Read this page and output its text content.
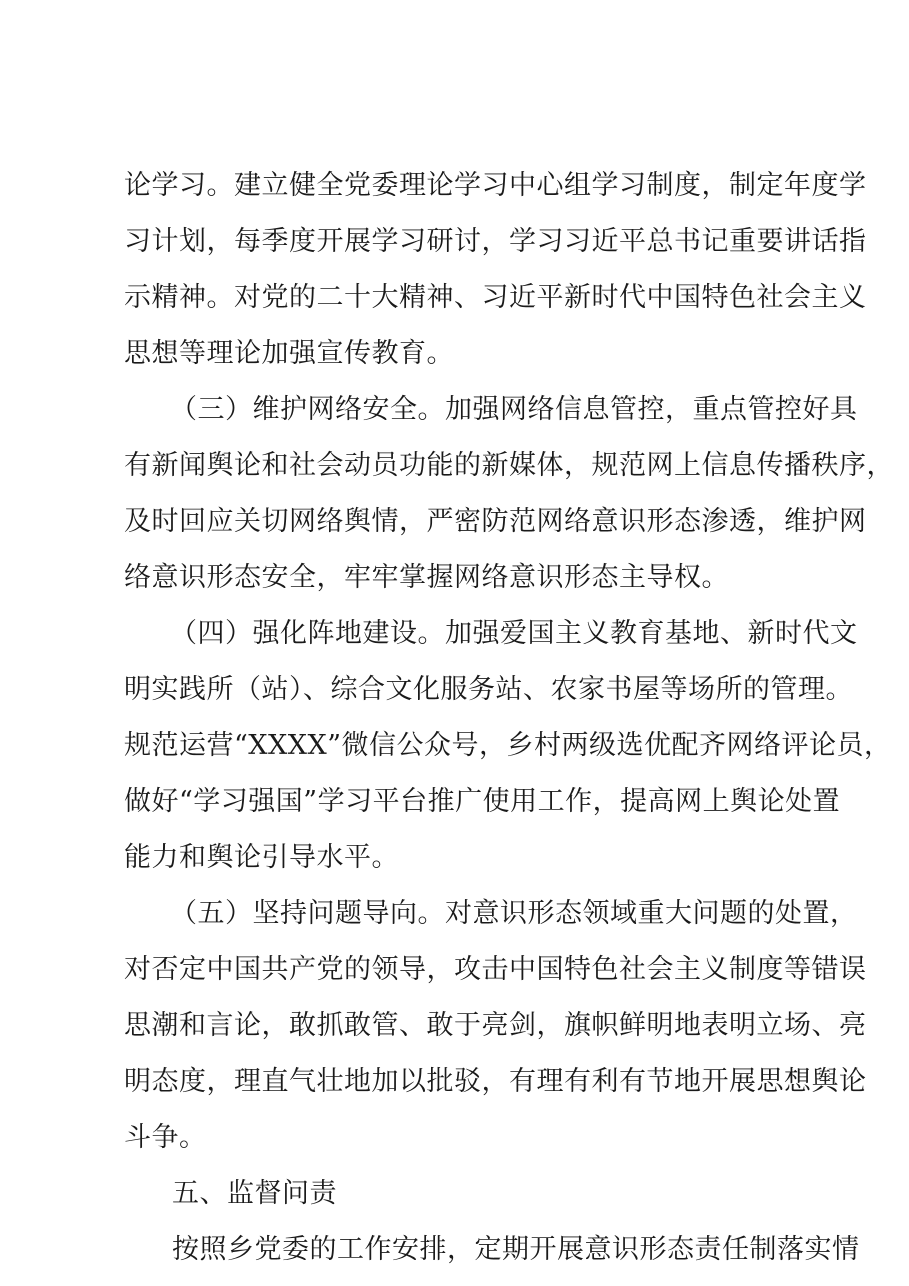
论学习。建立健全党委理论学习中心组学习制度，制定年度学
习计划，每季度开展学习研讨，学习习近平总书记重要讲话指
示精神。对党的二十大精神、习近平新时代中国特色社会主义
思想等理论加强宣传教育。
（三）维护网络安全。加强网络信息管控，重点管控好具
有新闻舆论和社会动员功能的新媒体，规范网上信息传播秩序，
及时回应关切网络舆情，严密防范网络意识形态渗透，维护网
络意识形态安全，牢牢掌握网络意识形态主导权。
（四）强化阵地建设。加强爱国主义教育基地、新时代文
明实践所（站）、综合文化服务站、农家书屋等场所的管理。
规范运营“XXXX”微信公众号，乡村两级选优配齐网络评论员，
做好“学习强国”学习平台推广使用工作，提高网上舆论处置
能力和舆论引导水平。
（五）坚持问题导向。对意识形态领域重大问题的处置，
对否定中国共产党的领导，攻击中国特色社会主义制度等错误
思潮和言论，敢抓敢管、敢于亮剑，旗帜鲜明地表明立场、亮
明态度，理直气壮地加以批驳，有理有利有节地开展思想舆论
斗争。
五、监督问责
按照乡党委的工作安排，定期开展意识形态责任制落实情
